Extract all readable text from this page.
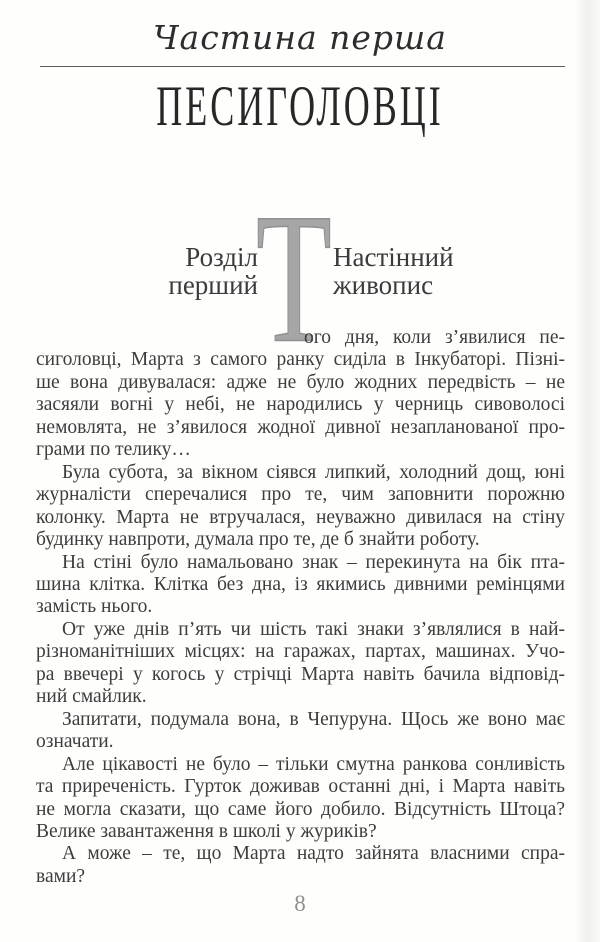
Частина перша
ПЕСИГОЛОВЦІ
Т
Розділ
перший
Настінний
живопис
ого дня, коли з’явилися пе-
сиголовці, Марта з самого ранку сиділа в Інкубаторі. Пізні-
ше вона дивувалася: адже не було жодних передвість – не
засяяли вогні у небі, не народились у черниць сивоволосі
немовлята, не з’явилося жодної дивної незапланованої про-
грами по телику…
Була субота, за вікном сіявся липкий, холодний дощ, юні
журналісти сперечалися про те, чим заповнити порожню
колонку. Марта не втручалася, неуважно дивилася на стіну
будинку навпроти, думала про те, де б знайти роботу.
На стіні було намальовано знак – перекинута на бік пта-
шина клітка. Клітка без дна, із якимись дивними ремінцями
замість нього.
От уже днів п’ять чи шість такі знаки з’являлися в най-
різноманітніших місцях: на гаражах, партах, машинах. Учо-
ра ввечері у когось у стрічці Марта навіть бачила відповід-
ний смайлик.
Запитати, подумала вона, в Чепуруна. Щось же воно має
означати.
Але цікавості не було – тільки смутна ранкова сонливість
та приреченість. Гурток доживав останні дні, і Марта навіть
не могла сказати, що саме його добило. Відсутність Штоца?
Велике завантаження в школі у журиків?
А може – те, що Марта надто зайнята власними спра-
вами?
8
